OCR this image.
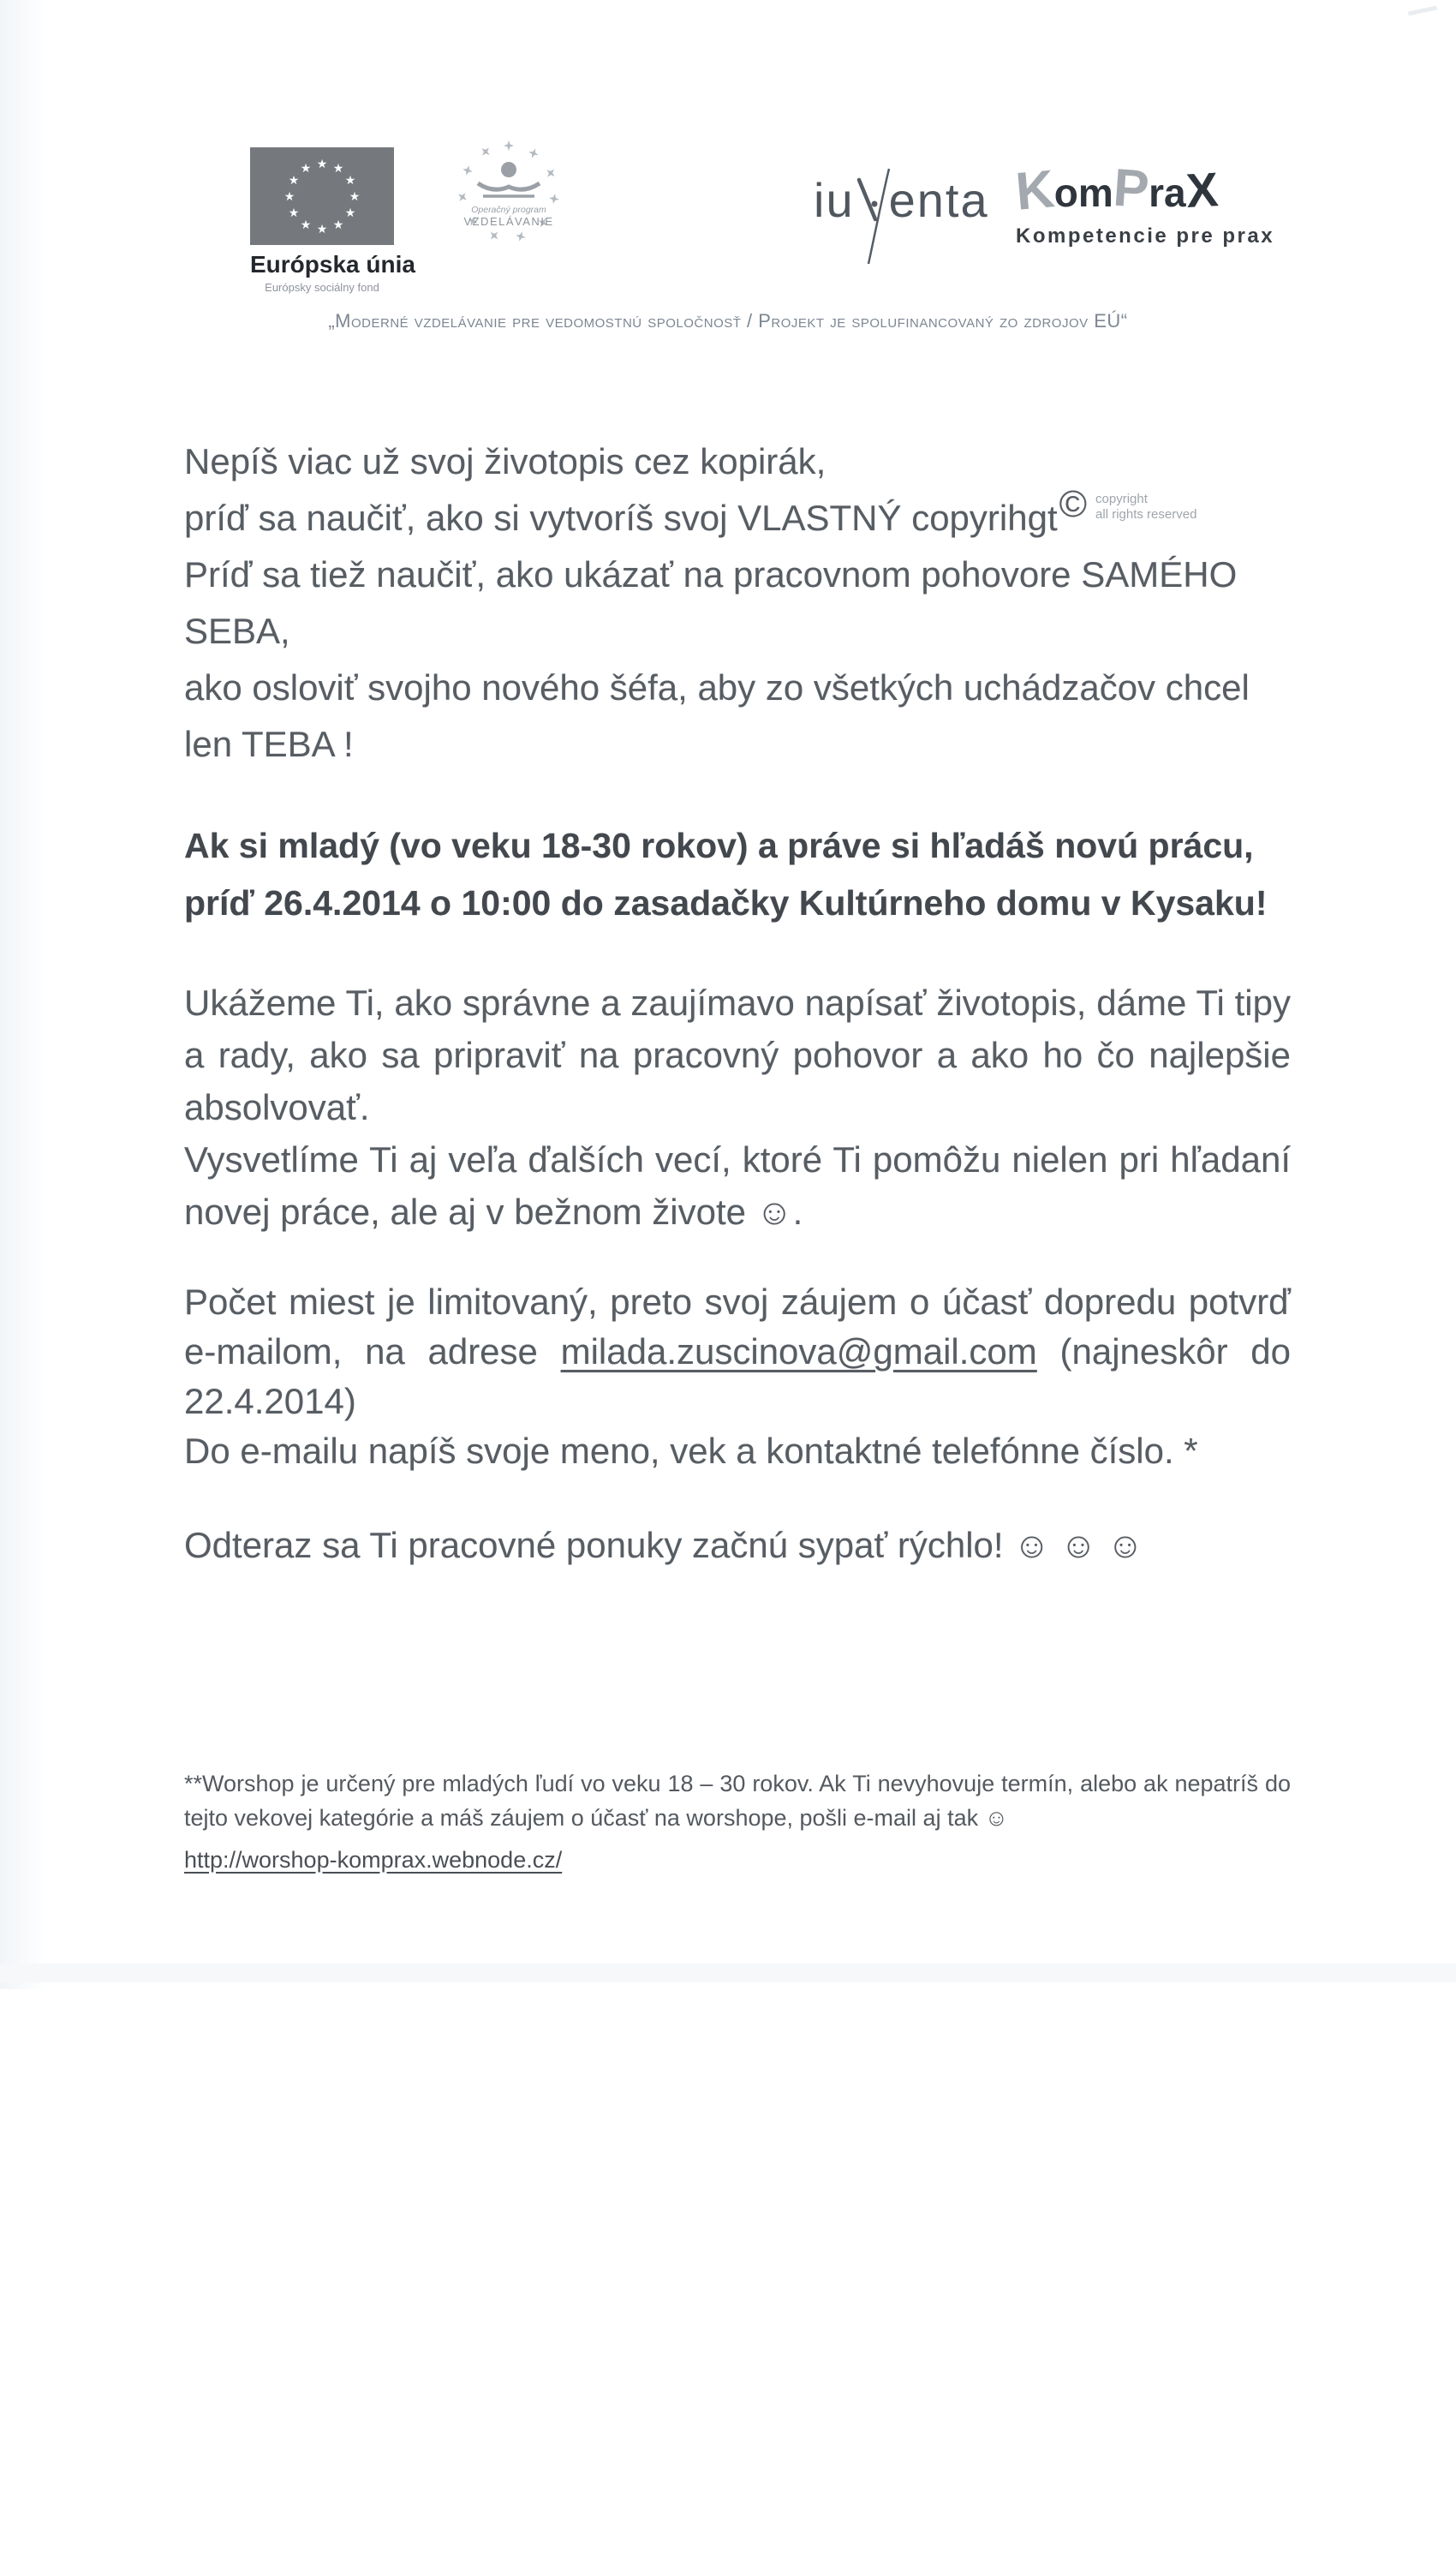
★ ★
★
★
★
★
★
★
★
★
★
★
Európska únia
Európsky sociálny fond
Operačný program
VZDELÁVANIE	iu enta K
om
P
ra
X
Kompetencie pre prax
„Moderné vzdelávanie pre vedomostnú spoločnosť / Projekt je spolufinancovaný zo zdrojov EÚ“
Nepíš viac už svoj životopis cez kopirák,
príď sa naučiť, ako si vytvoríš svoj VLASTNÝ copyrihgt© copyright
all rights reserved
Príď sa tiež naučiť, ako ukázať na pracovnom pohovore SAMÉHO
SEBA,
ako osloviť svojho nového šéfa, aby zo všetkých uchádzačov chcel
len TEBA !
Ak si mladý (vo veku 18-30 rokov) a práve si hľadáš novú prácu,
príď 26.4.2014 o 10:00 do zasadačky Kultúrneho domu v Kysaku!

Ukážeme Ti, ako správne a zaujímavo napísať životopis, dáme Ti tipy a rady, ako sa pripraviť na pracovný pohovor a ako ho čo najlepšie absolvovať.

Vysvetlíme Ti aj veľa ďalších vecí, ktoré Ti pomôžu nielen pri hľadaní novej práce, ale aj v bežnom živote ☺.

Počet miest je limitovaný, preto svoj záujem o účasť dopredu potvrď e-mailom, na adrese milada.zuscinova@gmail.com (najneskôr do 22.4.2014)

Do e-mailu napíš svoje meno, vek a kontaktné telefónne číslo. *
Odteraz sa Ti pracovné ponuky začnú sypať rýchlo! ☺ ☺ ☺
**Worshop je určený pre mladých ľudí vo veku 18 – 30 rokov. Ak Ti nevyhovuje termín, alebo ak nepatríš do tejto vekovej kategórie a máš záujem o účasť na worshope, pošli e-mail aj tak ☺
http://worshop-komprax.webnode.cz/
